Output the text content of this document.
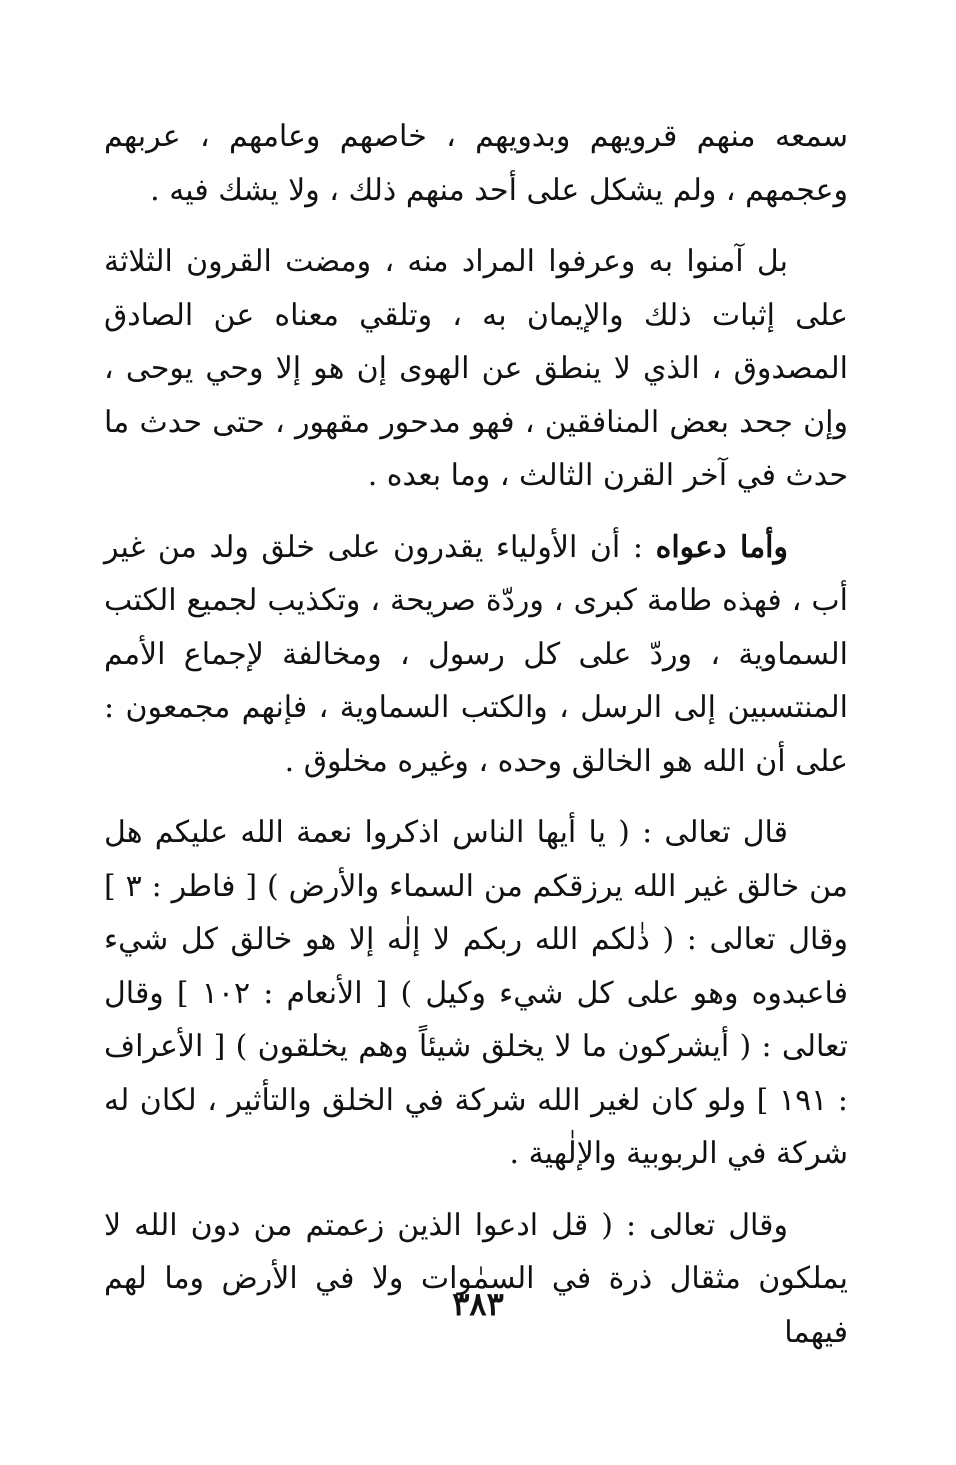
سمعه منهم قرويهم وبدويهم ، خاصهم وعامهم ، عربهم وعجمهم ، ولم يشكل على أحد منهم ذلك ، ولا يشك فيه .

بل آمنوا به وعرفوا المراد منه ، ومضت القرون الثلاثة على إثبات ذلك والإيمان به ، وتلقي معناه عن الصادق المصدوق ، الذي لا ينطق عن الهوى إن هو إلا وحي يوحى ، وإن جحد بعض المنافقين ، فهو مدحور مقهور ، حتى حدث ما حدث في آخر القرن الثالث ، وما بعده .

وأما دعواه : أن الأولياء يقدرون على خلق ولد من غير أب ، فهذه طامة كبرى ، وردّة صريحة ، وتكذيب لجميع الكتب السماوية ، وردّ على كل رسول ، ومخالفة لإجماع الأمم المنتسبين إلى الرسل ، والكتب السماوية ، فإنهم مجمعون : على أن الله هو الخالق وحده ، وغيره مخلوق .

قال تعالى : ( يا أيها الناس اذكروا نعمة الله عليكم هل من خالق غير الله يرزقكم من السماء والأرض ) [ فاطر : ٣ ] وقال تعالى : ( ذٰلكم الله ربكم لا إلٰه إلا هو خالق كل شيء فاعبدوه وهو على كل شيء وكيل ) [ الأنعام : ١٠٢ ] وقال تعالى : ( أيشركون ما لا يخلق شيئاً وهم يخلقون ) [ الأعراف : ١٩١ ] ولو كان لغير الله شركة في الخلق والتأثير ، لكان له شركة في الربوبية والإلٰهية .

وقال تعالى : ( قل ادعوا الذين زعمتم من دون الله لا يملكون مثقال ذرة في السمٰوات ولا في الأرض وما لهم فيهما

٣٨٣
